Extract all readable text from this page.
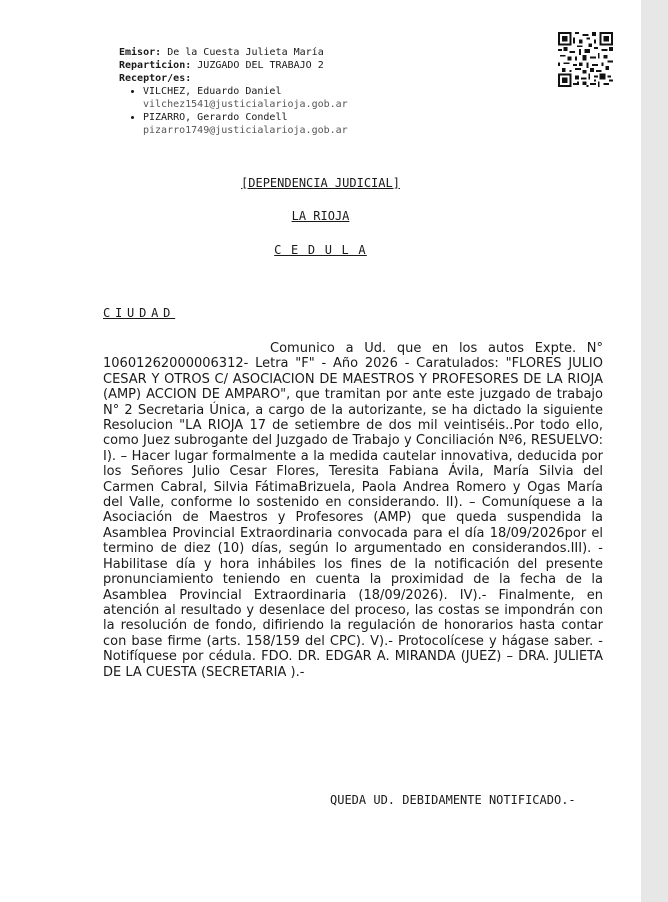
Emisor: De la Cuesta Julieta María
Reparticion: JUZGADO DEL TRABAJO 2
Receptor/es:
• VILCHEZ, Eduardo Daniel
vilchez1541@justicialarioja.gob.ar
• PIZARRO, Gerardo Condell
pizarro1749@justicialarioja.gob.ar
[DEPENDENCIA JUDICIAL]
LA RIOJA
C E D U L A
CIUDAD
Comunico a Ud. que en los autos Expte. N° 10601262000006312- Letra "F" - Año 2026 - Caratulados: "FLORES JULIO CESAR Y OTROS C/ ASOCIACION DE MAESTROS Y PROFESORES DE LA RIOJA (AMP) ACCION DE AMPARO", que tramitan por ante este juzgado de trabajo N° 2 Secretaria Única, a cargo de la autorizante, se ha dictado la siguiente Resolucion "LA RIOJA 17 de setiembre de dos mil veintiséis..Por todo ello, como Juez subrogante del Juzgado de Trabajo y Conciliación Nº6, RESUELVO: I). – Hacer lugar formalmente a la medida cautelar innovativa, deducida por los Señores Julio Cesar Flores, Teresita Fabiana Ávila, María Silvia del Carmen Cabral, Silvia FátimaBrizuela, Paola Andrea Romero y Ogas María del Valle, conforme lo sostenido en considerando. II). – Comuníquese a la Asociación de Maestros y Profesores (AMP) que queda suspendida la Asamblea Provincial Extraordinaria convocada para el día 18/09/2026por el termino de diez (10) días, según lo argumentado en considerandos.III). - Habilitase día y hora inhábiles los fines de la notificación del presente pronunciamiento teniendo en cuenta la proximidad de la fecha de la Asamblea Provincial Extraordinaria (18/09/2026). IV).- Finalmente, en atención al resultado y desenlace del proceso, las costas se impondrán con la resolución de fondo, difiriendo la regulación de honorarios hasta contar con base firme (arts. 158/159 del CPC). V).- Protocolícese y hágase saber. - Notifíquese por cédula. FDO. DR. EDGAR A. MIRANDA (JUEZ) – DRA. JULIETA DE LA CUESTA (SECRETARIA ).-
QUEDA UD. DEBIDAMENTE NOTIFICADO.-
